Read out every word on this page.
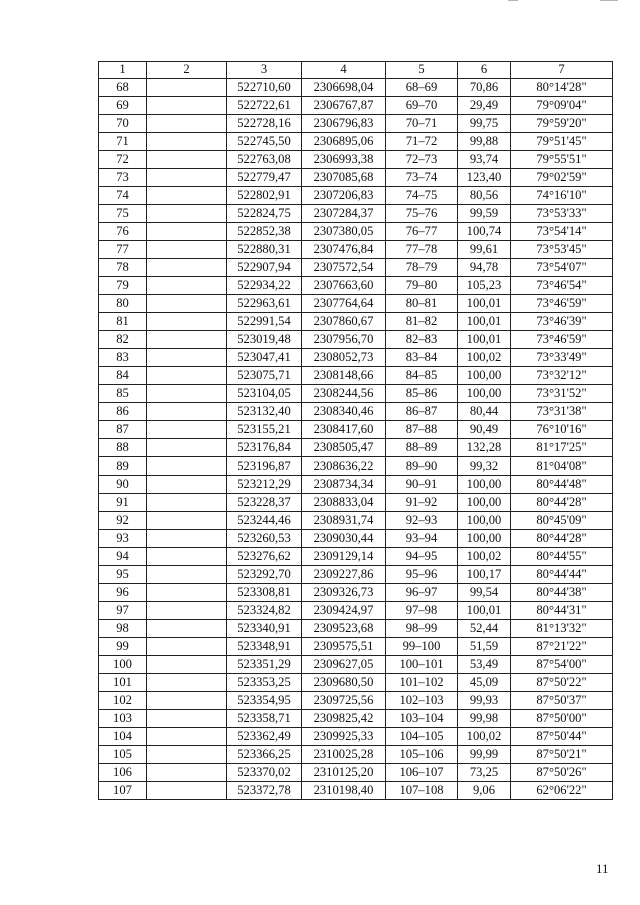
1	2	3	4	5	6	7
68		522710,60	2306698,04	68–69	70,86	80°14'28"
69		522722,61	2306767,87	69–70	29,49	79°09'04"
70		522728,16	2306796,83	70–71	99,75	79°59'20"
71		522745,50	2306895,06	71–72	99,88	79°51'45"
72		522763,08	2306993,38	72–73	93,74	79°55'51"
73		522779,47	2307085,68	73–74	123,40	79°02'59"
74		522802,91	2307206,83	74–75	80,56	74°16'10"
75		522824,75	2307284,37	75–76	99,59	73°53'33"
76		522852,38	2307380,05	76–77	100,74	73°54'14"
77		522880,31	2307476,84	77–78	99,61	73°53'45"
78		522907,94	2307572,54	78–79	94,78	73°54'07"
79		522934,22	2307663,60	79–80	105,23	73°46'54"
80		522963,61	2307764,64	80–81	100,01	73°46'59"
81		522991,54	2307860,67	81–82	100,01	73°46'39"
82		523019,48	2307956,70	82–83	100,01	73°46'59"
83		523047,41	2308052,73	83–84	100,02	73°33'49"
84		523075,71	2308148,66	84–85	100,00	73°32'12"
85		523104,05	2308244,56	85–86	100,00	73°31'52"
86		523132,40	2308340,46	86–87	80,44	73°31'38"
87		523155,21	2308417,60	87–88	90,49	76°10'16"
88		523176,84	2308505,47	88–89	132,28	81°17'25"
89		523196,87	2308636,22	89–90	99,32	81°04'08"
90		523212,29	2308734,34	90–91	100,00	80°44'48"
91		523228,37	2308833,04	91–92	100,00	80°44'28"
92		523244,46	2308931,74	92–93	100,00	80°45'09"
93		523260,53	2309030,44	93–94	100,00	80°44'28"
94		523276,62	2309129,14	94–95	100,02	80°44'55"
95		523292,70	2309227,86	95–96	100,17	80°44'44"
96		523308,81	2309326,73	96–97	99,54	80°44'38"
97		523324,82	2309424,97	97–98	100,01	80°44'31"
98		523340,91	2309523,68	98–99	52,44	81°13'32"
99		523348,91	2309575,51	99–100	51,59	87°21'22"
100		523351,29	2309627,05	100–101	53,49	87°54'00"
101		523353,25	2309680,50	101–102	45,09	87°50'22"
102		523354,95	2309725,56	102–103	99,93	87°50'37"
103		523358,71	2309825,42	103–104	99,98	87°50'00"
104		523362,49	2309925,33	104–105	100,02	87°50'44"
105		523366,25	2310025,28	105–106	99,99	87°50'21"
106		523370,02	2310125,20	106–107	73,25	87°50'26"
107		523372,78	2310198,40	107–108	9,06	62°06'22"
11
